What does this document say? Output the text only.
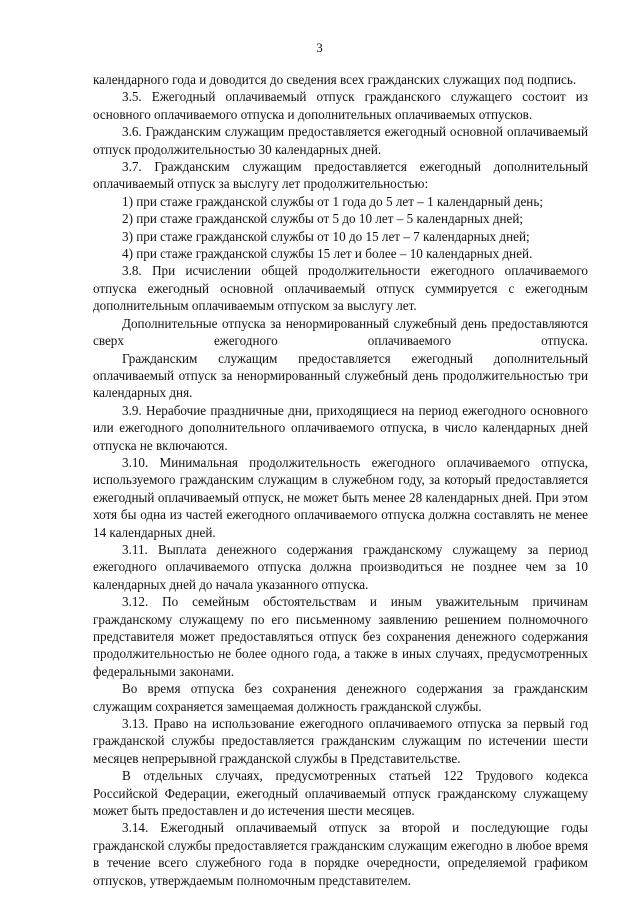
3

календарного года и доводится до сведения всех гражданских служащих под подпись.

3.5. Ежегодный оплачиваемый отпуск гражданского служащего состоит из основного оплачиваемого отпуска и дополнительных оплачиваемых отпусков.

3.6. Гражданским служащим предоставляется ежегодный основной оплачиваемый отпуск продолжительностью 30 календарных дней.

3.7. Гражданским служащим предоставляется ежегодный дополнительный оплачиваемый отпуск за выслугу лет продолжительностью:

1) при стаже гражданской службы от 1 года до 5 лет – 1 календарный день;

2) при стаже гражданской службы от 5 до 10 лет – 5 календарных дней;

3) при стаже гражданской службы от 10 до 15 лет – 7 календарных дней;

4) при стаже гражданской службы 15 лет и более – 10 календарных дней.

3.8. При исчислении общей продолжительности ежегодного оплачиваемого отпуска ежегодный основной оплачиваемый отпуск суммируется с ежегодным дополнительным оплачиваемым отпуском за выслугу лет.

Дополнительные отпуска за ненормированный служебный день предоставляются сверх ежегодного оплачиваемого отпуска.

Гражданским служащим предоставляется ежегодный дополнительный оплачиваемый отпуск за ненормированный служебный день продолжительностью три календарных дня.

3.9. Нерабочие праздничные дни, приходящиеся на период ежегодного основного или ежегодного дополнительного оплачиваемого отпуска, в число календарных дней отпуска не включаются.

3.10. Минимальная продолжительность ежегодного оплачиваемого отпуска, используемого гражданским служащим в служебном году, за который предоставляется ежегодный оплачиваемый отпуск, не может быть менее 28 календарных дней. При этом хотя бы одна из частей ежегодного оплачиваемого отпуска должна составлять не менее 14 календарных дней.

3.11. Выплата денежного содержания гражданскому служащему за период ежегодного оплачиваемого отпуска должна производиться не позднее чем за 10 календарных дней до начала указанного отпуска.

3.12. По семейным обстоятельствам и иным уважительным причинам гражданскому служащему по его письменному заявлению решением полномочного представителя может предоставляться отпуск без сохранения денежного содержания продолжительностью не более одного года, а также в иных случаях, предусмотренных федеральными законами.

Во время отпуска без сохранения денежного содержания за гражданским служащим сохраняется замещаемая должность гражданской службы.

3.13. Право на использование ежегодного оплачиваемого отпуска за первый год гражданской службы предоставляется гражданским служащим по истечении шести месяцев непрерывной гражданской службы в Представительстве.

В отдельных случаях, предусмотренных статьей 122 Трудового кодекса Российской Федерации, ежегодный оплачиваемый отпуск гражданскому служащему может быть предоставлен и до истечения шести месяцев.

3.14. Ежегодный оплачиваемый отпуск за второй и последующие годы гражданской службы предоставляется гражданским служащим ежегодно в любое время в течение всего служебного года в порядке очередности, определяемой графиком отпусков, утверждаемым полномочным представителем.
